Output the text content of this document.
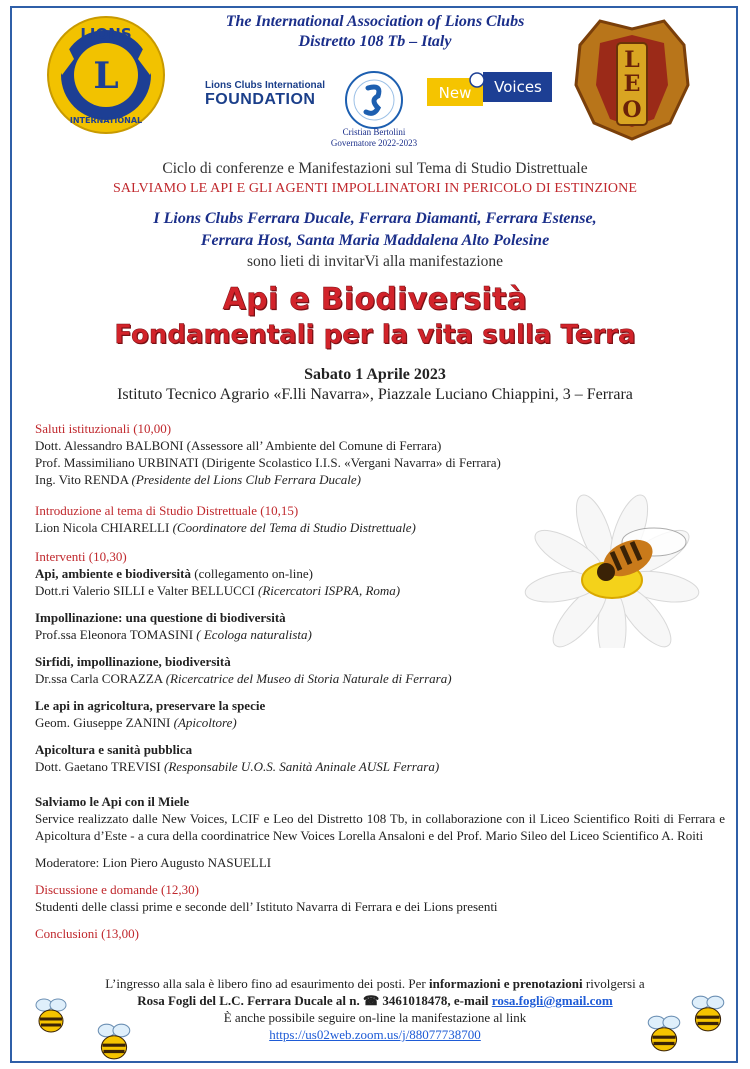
LIONS
INTERNATIONAL
L
The International Association of Lions Clubs
Distretto 108 Tb – Italy
Lions Clubs International
FOUNDATION
Cristian Bertolini
Governatore 2022-2023
New Voices
L
E
O
Ciclo di conferenze e Manifestazioni sul Tema di Studio Distrettuale
SALVIAMO LE API E GLI AGENTI IMPOLLINATORI IN PERICOLO DI ESTINZIONE
I Lions Clubs Ferrara Ducale, Ferrara Diamanti, Ferrara Estense,
Ferrara Host, Santa Maria Maddalena Alto Polesine
sono lieti di invitarVi alla manifestazione
Api e Biodiversità
Fondamentali per la vita sulla Terra
Sabato 1 Aprile 2023
Istituto Tecnico Agrario «F.lli Navarra», Piazzale Luciano Chiappini, 3 – Ferrara
Saluti istituzionali (10,00)
Dott. Alessandro BALBONI (Assessore all’ Ambiente del Comune di Ferrara)
Prof. Massimiliano URBINATI (Dirigente Scolastico I.I.S. «Vergani Navarra» di Ferrara)
Ing. Vito RENDA (Presidente del Lions Club Ferrara Ducale)
Introduzione al tema di Studio Distrettuale (10,15)
Lion Nicola CHIARELLI (Coordinatore del Tema di Studio Distrettuale)
Interventi (10,30)
Api, ambiente e biodiversità (collegamento on-line)
Dott.ri Valerio SILLI e Valter BELLUCCI (Ricercatori ISPRA, Roma)
Impollinazione: una questione di biodiversità
Prof.ssa Eleonora TOMASINI ( Ecologa naturalista)
Sirfidi, impollinazione, biodiversità
Dr.ssa Carla CORAZZA (Ricercatrice del Museo di Storia Naturale di Ferrara)
Le api in agricoltura, preservare la specie
Geom. Giuseppe ZANINI (Apicoltore)
Apicoltura e sanità pubblica
Dott. Gaetano TREVISI (Responsabile U.O.S. Sanità Aninale AUSL Ferrara)
Salviamo le Api con il Miele
Service realizzato dalle New Voices, LCIF e Leo del Distretto 108 Tb, in collaborazione con il Liceo Scientifico Roiti di Ferrara e Apicoltura d’Este - a cura della coordinatrice New Voices Lorella Ansaloni e del Prof. Mario Sileo del Liceo Scientifico A. Roiti
Moderatore: Lion Piero Augusto NASUELLI
Discussione e domande (12,30)
Studenti delle classi prime e seconde dell’ Istituto Navarra di Ferrara e dei Lions presenti
Conclusioni (13,00)
L’ingresso alla sala è libero fino ad esaurimento dei posti. Per informazioni e prenotazioni rivolgersi a
Rosa Fogli del L.C. Ferrara Ducale al n. ☎ 3461018478, e-mail rosa.fogli@gmail.com
È anche possibile seguire on-line la manifestazione al link
https://us02web.zoom.us/j/88077738700
